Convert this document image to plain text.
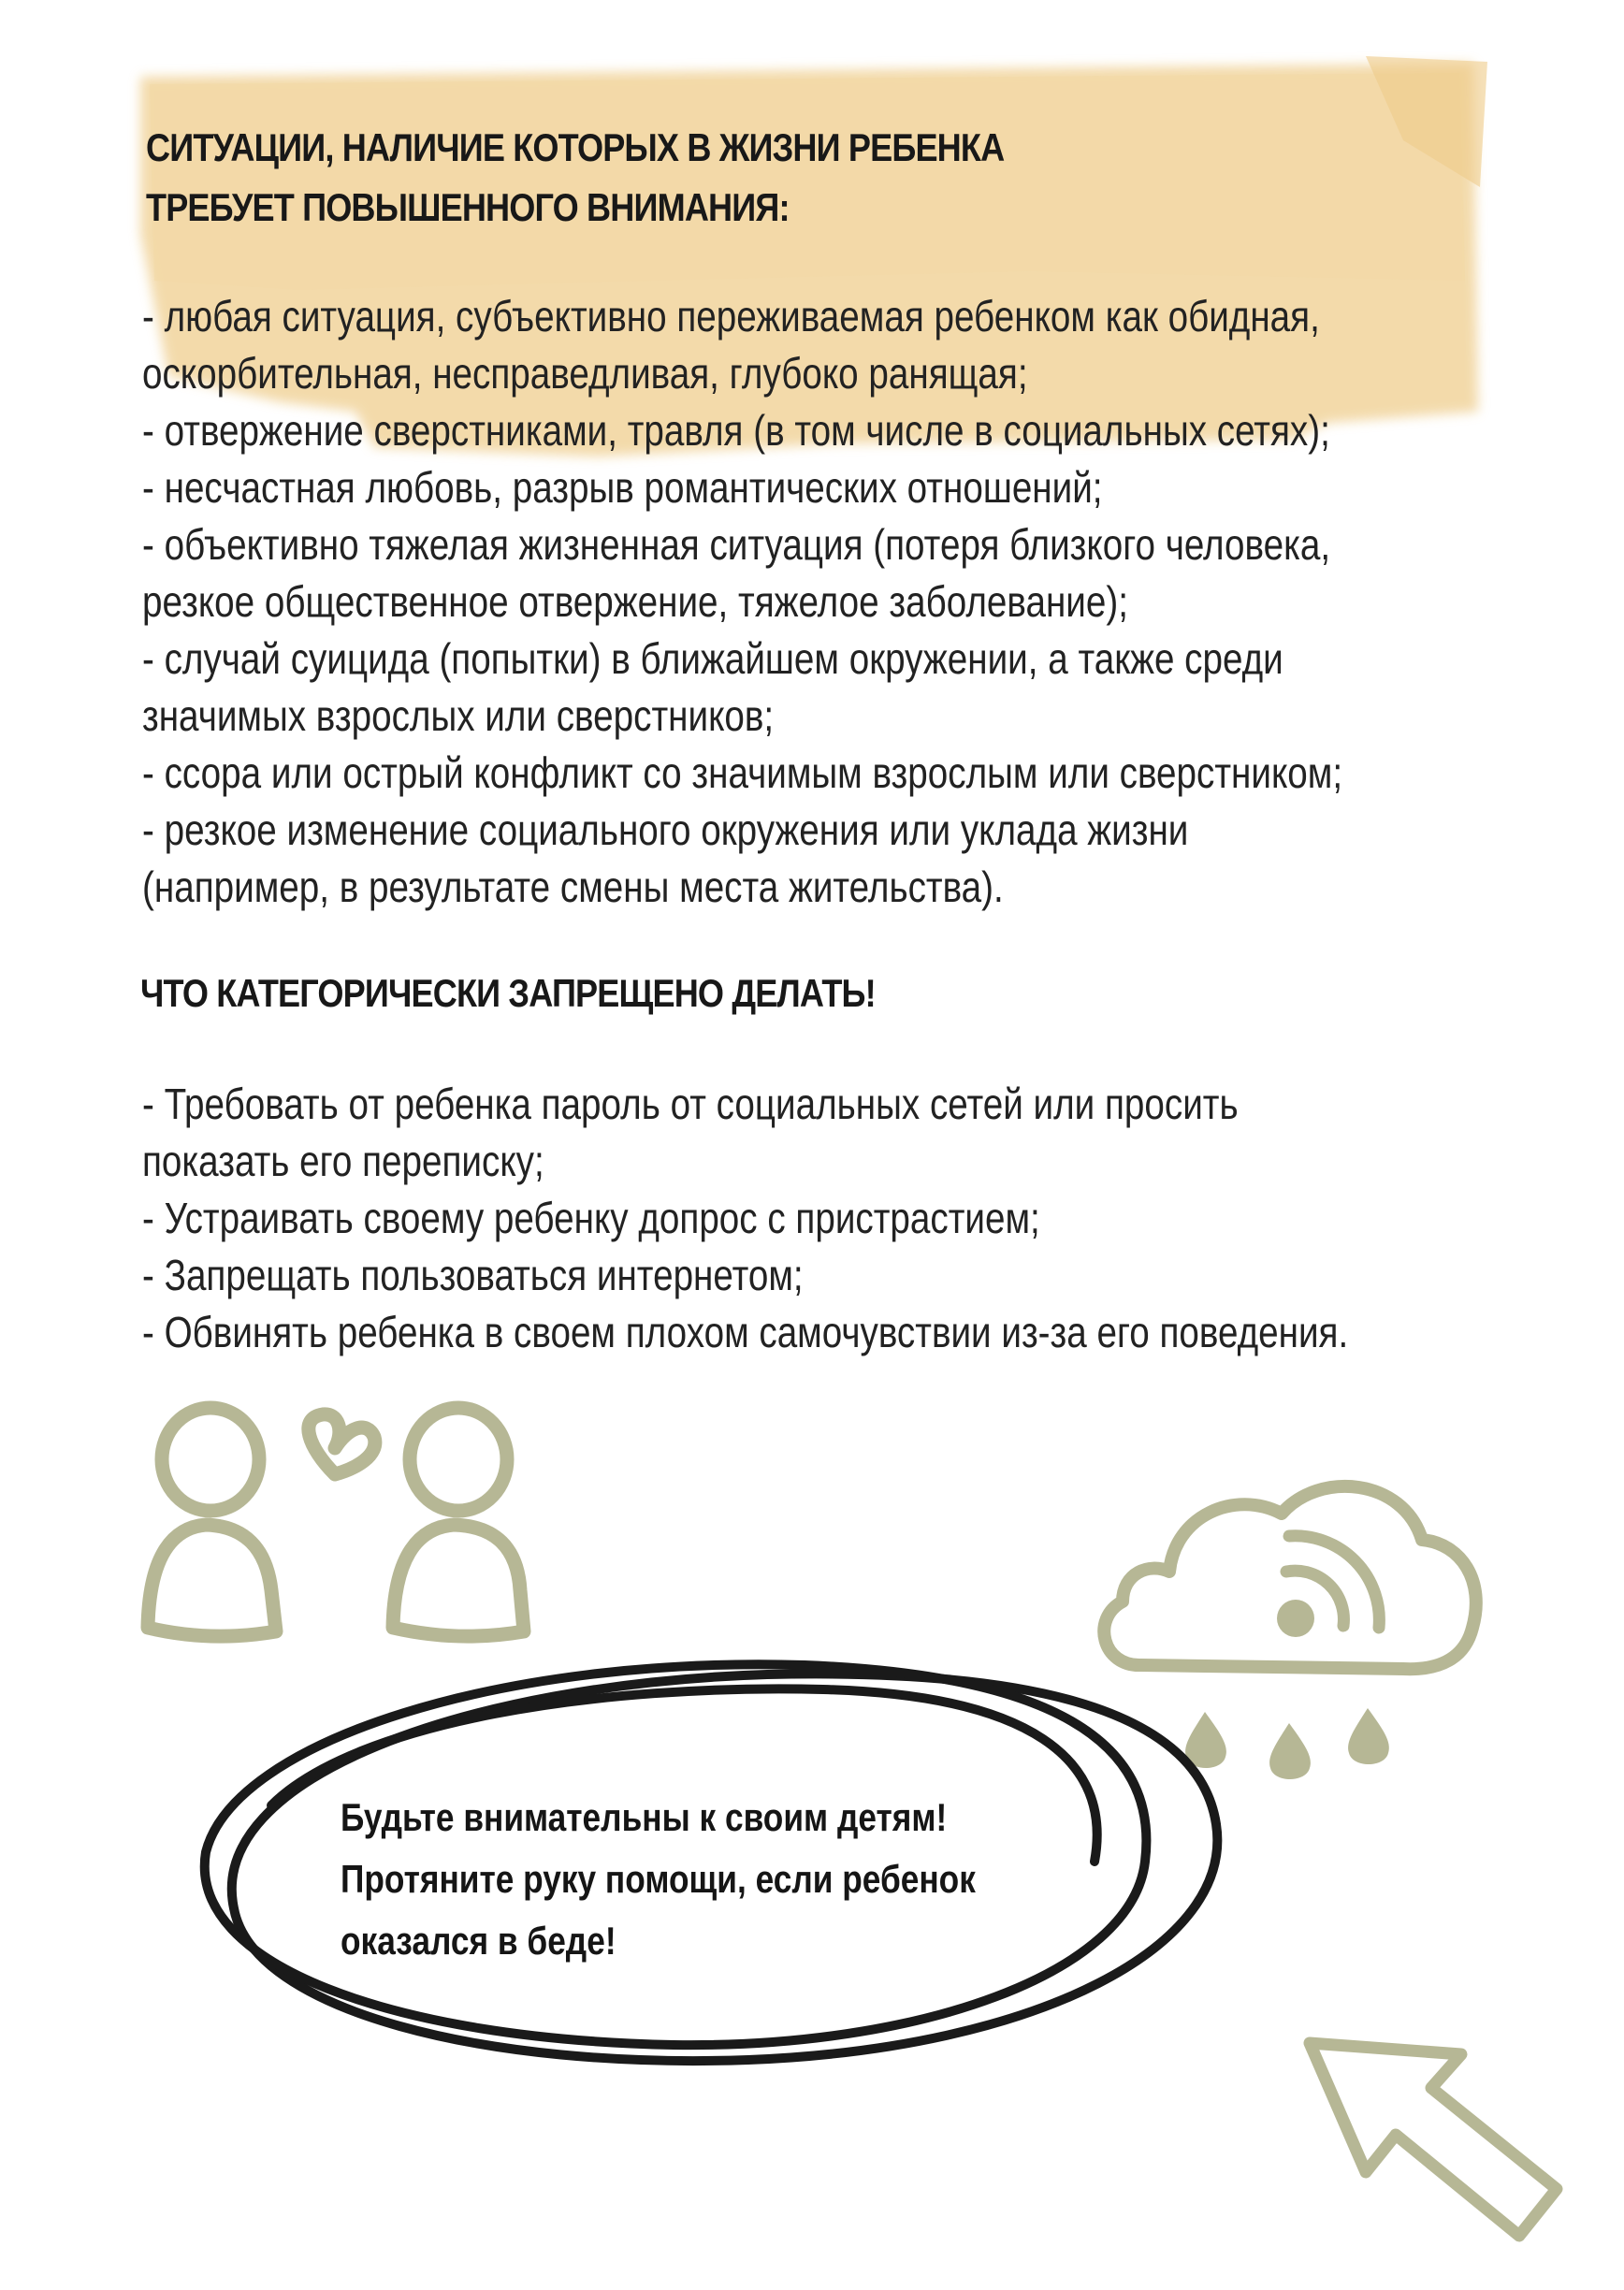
СИТУАЦИИ, НАЛИЧИЕ КОТОРЫХ В ЖИЗНИ РЕБЕНКА
ТРЕБУЕТ ПОВЫШЕННОГО ВНИМАНИЯ:
- любая ситуация, субъективно переживаемая ребенком как обидная, оскорбительная, несправедливая, глубоко ранящая;
- отвержение сверстниками, травля (в том числе в социальных сетях);
- несчастная любовь, разрыв романтических отношений;
- объективно тяжелая жизненная ситуация (потеря близкого человека, резкое общественное отвержение, тяжелое заболевание);
- случай суицида (попытки) в ближайшем окружении, а также среди значимых взрослых или сверстников;
- ссора или острый конфликт со значимым взрослым или сверстником;
- резкое изменение социального окружения или уклада жизни (например, в результате смены места жительства).
ЧТО КАТЕГОРИЧЕСКИ ЗАПРЕЩЕНО ДЕЛАТЬ!
- Требовать от ребенка пароль от социальных сетей или просить показать его переписку;
- Устраивать своему ребенку допрос с пристрастием;
- Запрещать пользоваться интернетом;
- Обвинять ребенка в своем плохом самочувствии из-за его поведения.
Будьте внимательны к своим детям!
Протяните руку помощи, если ребенок
оказался в беде!
